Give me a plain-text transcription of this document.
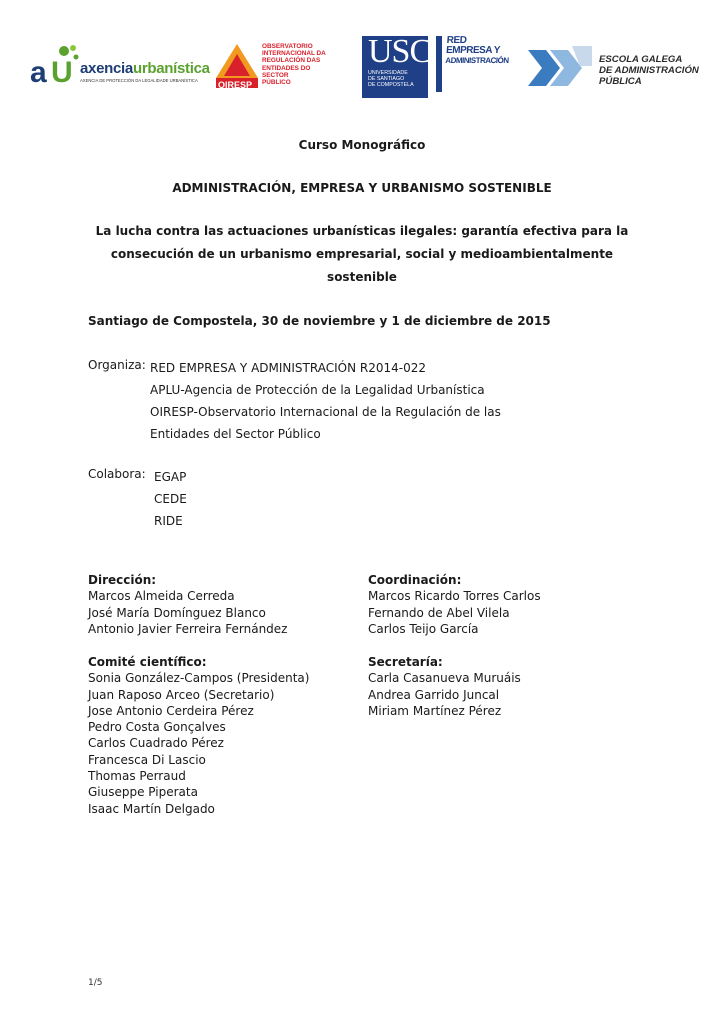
a U axenciaurbanística
AXENCIA DE PROTECCIÓN DA LEGALIDADE URBANÍSTICA
OBSERVATORIO
INTERNACIONAL DA
REGULACIÓN DAS
ENTIDADES DO
SECTOR
PÚBLICO
OIRESP
USC
UNIVERSIDADE
DE SANTIAGO
DE COMPOSTELA
RED
EMPRESA Y
ADMINISTRACIÓN	ESCOLA GALEGA
DE ADMINISTRACIÓN
PÚBLICA
Curso Monográfico
ADMINISTRACIÓN, EMPRESA Y URBANISMO SOSTENIBLE
La lucha contra las actuaciones urbanísticas ilegales: garantía efectiva para la
consecución de un urbanismo empresarial, social y medioambientalmente
sostenible
Santiago de Compostela, 30 de noviembre y 1 de diciembre de 2015
Organiza: RED EMPRESA Y ADMINISTRACIÓN R2014-022
APLU-Agencia de Protección de la Legalidad Urbanística
OIRESP-Observatorio Internacional de la Regulación de las
Entidades del Sector Público
Colabora: EGAP
CEDE
RIDE
Dirección:
Marcos Almeida Cerreda
José María Domínguez Blanco
Antonio Javier Ferreira Fernández
Coordinación:
Marcos Ricardo Torres Carlos
Fernando de Abel Vilela
Carlos Teijo García
Comité científico:
Sonia González-Campos (Presidenta)
Juan Raposo Arceo (Secretario)
Jose Antonio Cerdeira Pérez
Pedro Costa Gonçalves
Carlos Cuadrado Pérez
Francesca Di Lascio
Thomas Perraud
Giuseppe Piperata
Isaac Martín Delgado
Secretaría:
Carla Casanueva Muruáis
Andrea Garrido Juncal
Miriam Martínez Pérez
1/5
